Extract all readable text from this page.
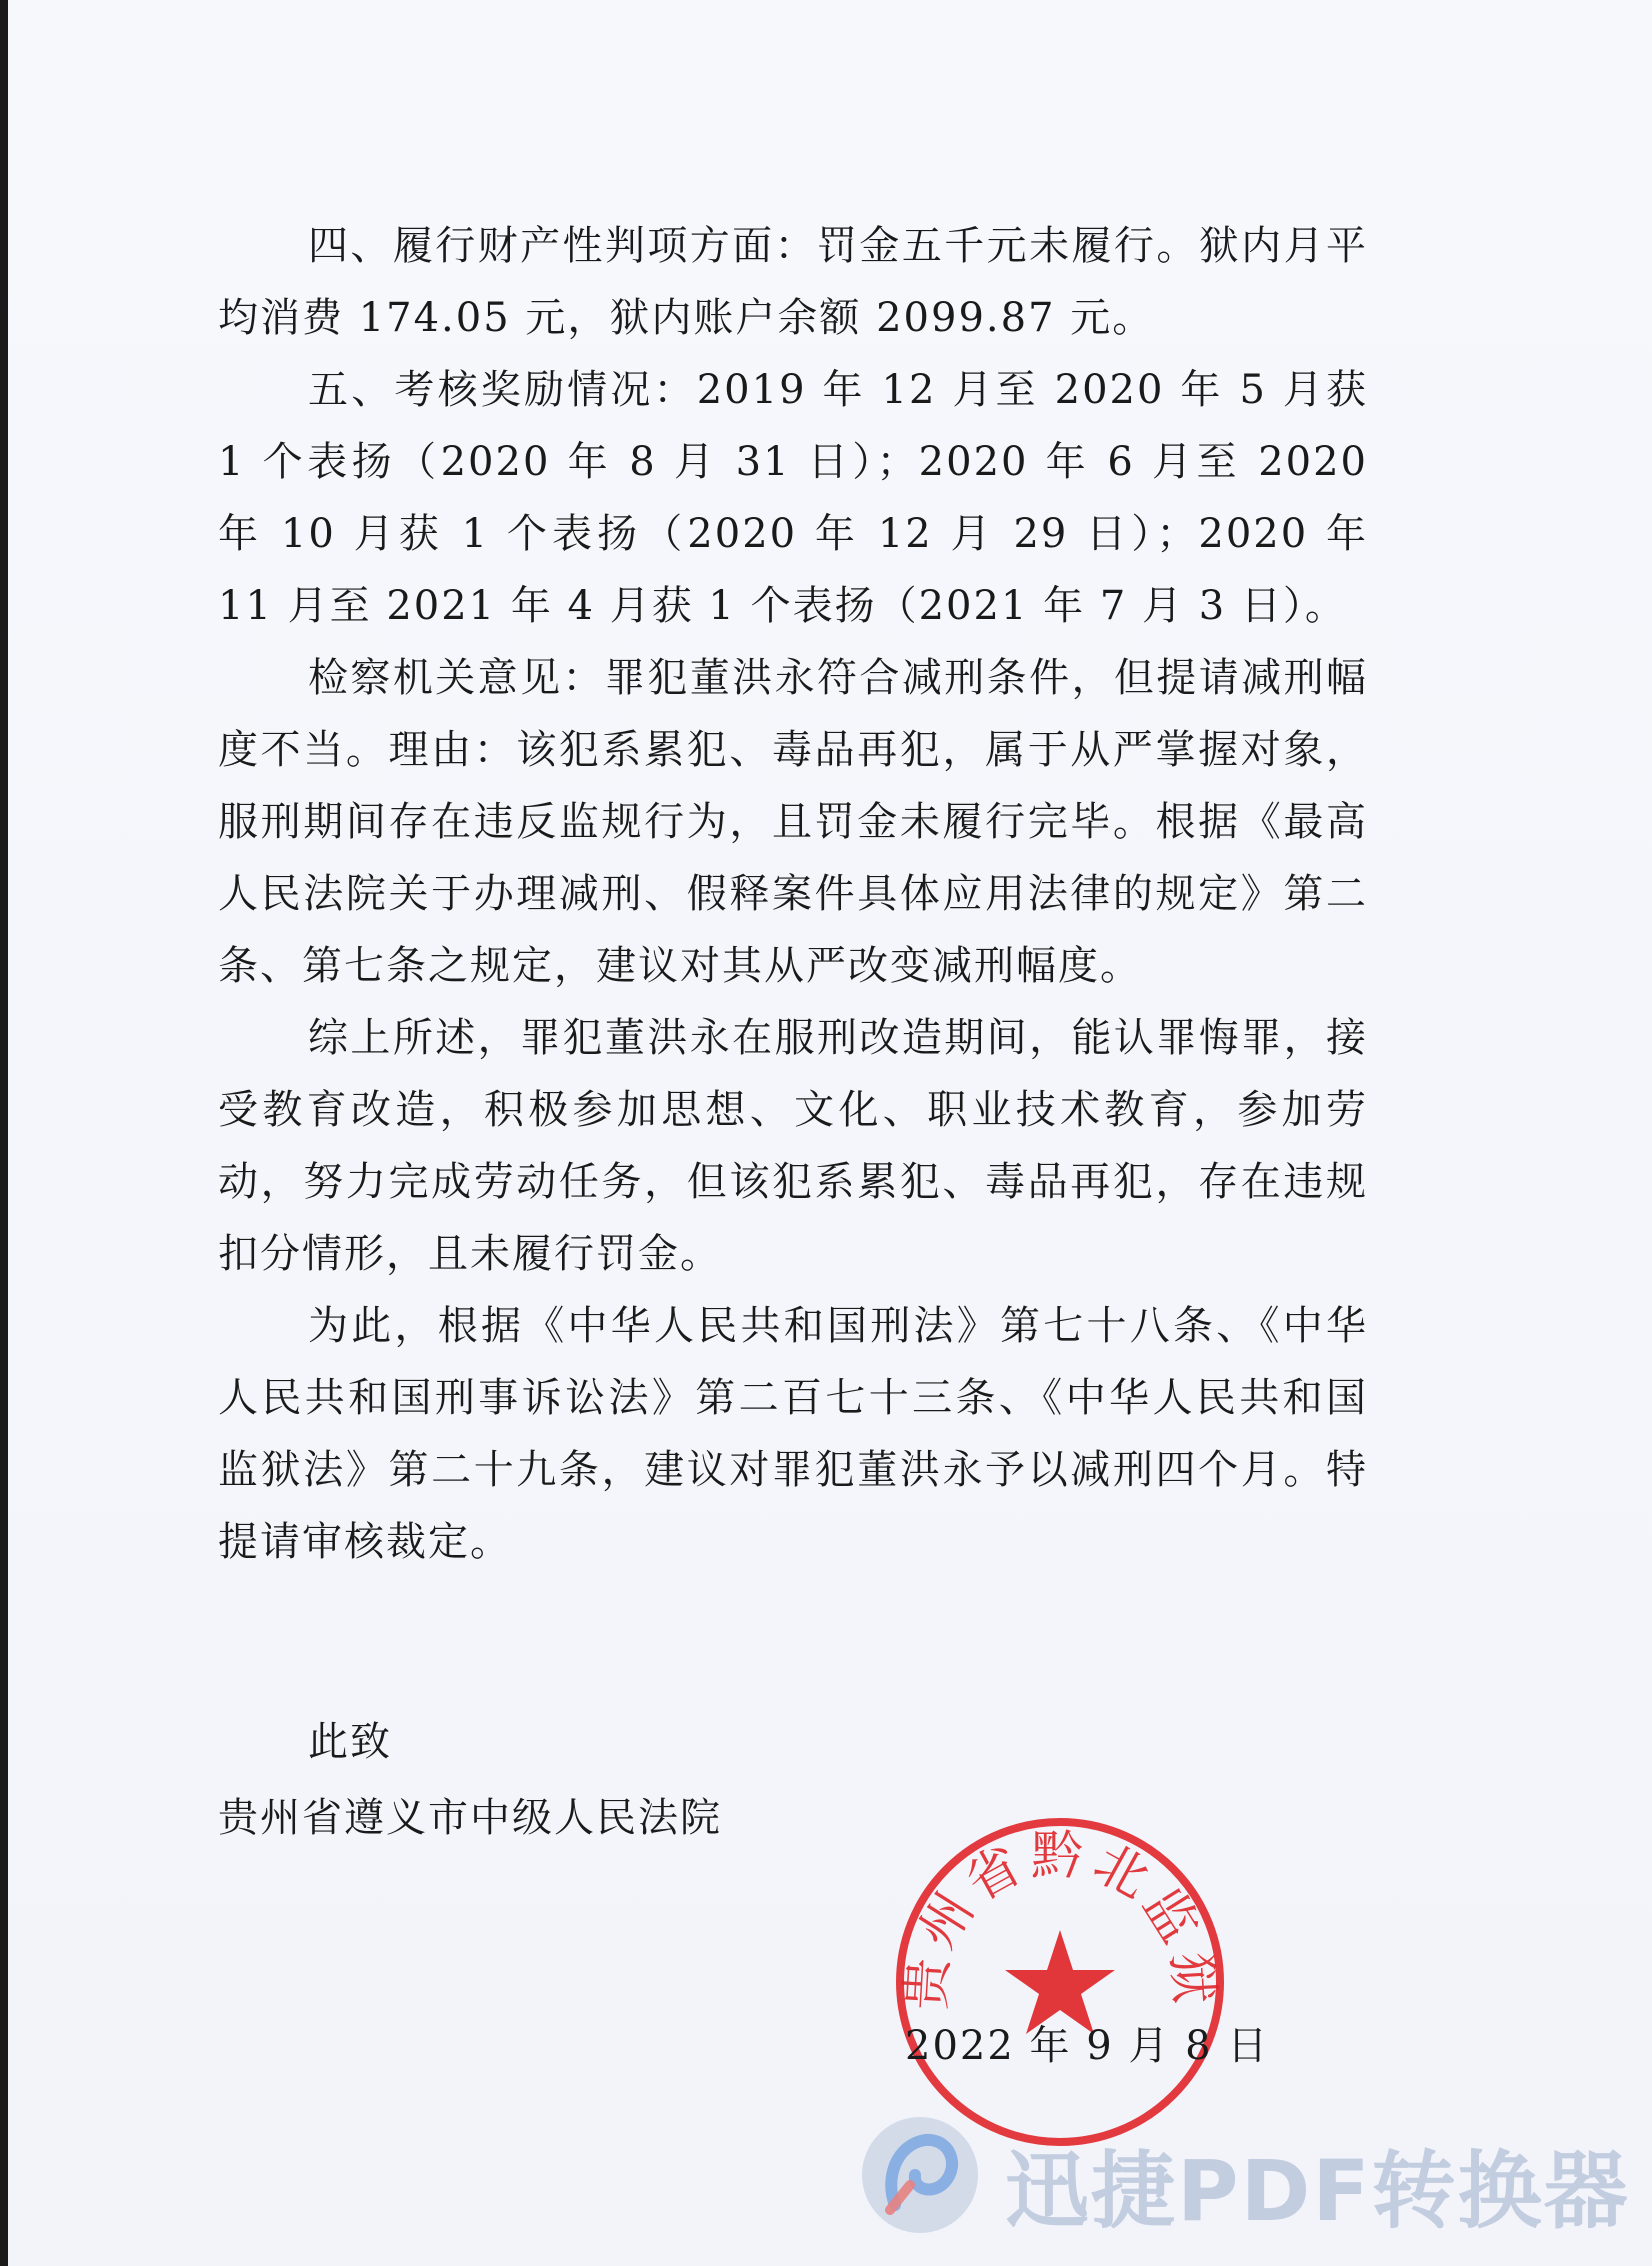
四、履行财产性判项方面：罚金五千元未履行。狱内月平均消费 174.05 元，狱内账户余额 2099.87 元。

五、考核奖励情况：2019 年 12 月至 2020 年 5 月获 1 个表扬（2020 年 8 月 31 日）；2020 年 6 月至 2020 年 10 月获 1 个表扬（2020 年 12 月 29 日）；2020 年 11 月至 2021 年 4 月获 1 个表扬（2021 年 7 月 3 日）。

检察机关意见：罪犯董洪永符合减刑条件，但提请减刑幅度不当。理由：该犯系累犯、毒品再犯，属于从严掌握对象，服刑期间存在违反监规行为，且罚金未履行完毕。根据《最高人民法院关于办理减刑、假释案件具体应用法律的规定》第二条、第七条之规定，建议对其从严改变减刑幅度。

综上所述，罪犯董洪永在服刑改造期间，能认罪悔罪，接受教育改造，积极参加思想、文化、职业技术教育，参加劳动，努力完成劳动任务，但该犯系累犯、毒品再犯，存在违规扣分情形，且未履行罚金。

为此，根据《中华人民共和国刑法》第七十八条、《中华人民共和国刑事诉讼法》第二百七十三条、《中华人民共和国监狱法》第二十九条，建议对罪犯董洪永予以减刑四个月。特提请审核裁定。

此致
贵州省遵义市中级人民法院
贵州省黔北监狱
2022 年 9 月 8 日
迅捷PDF转换器
